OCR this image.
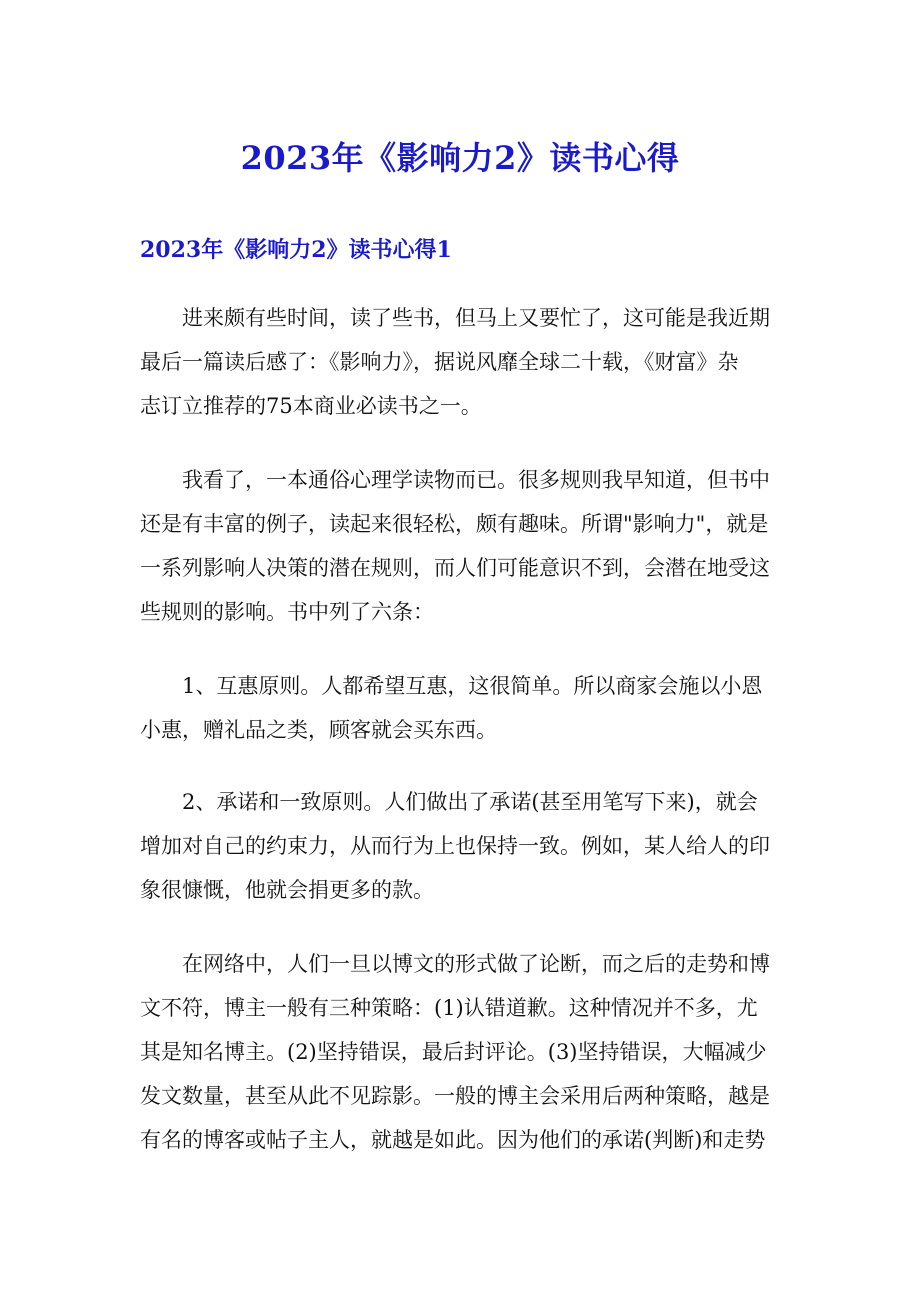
2023年《影响力2》读书心得
2023年《影响力2》读书心得1

进来颇有些时间，读了些书，但马上又要忙了，这可能是我近期
最后一篇读后感了：《影响力》，据说风靡全球二十载，《财富》杂
志订立推荐的75本商业必读书之一。

我看了，一本通俗心理学读物而已。很多规则我早知道，但书中
还是有丰富的例子，读起来很轻松，颇有趣味。所谓"影响力"，就是
一系列影响人决策的潜在规则，而人们可能意识不到，会潜在地受这
些规则的影响。书中列了六条：

1、互惠原则。人都希望互惠，这很简单。所以商家会施以小恩
小惠，赠礼品之类，顾客就会买东西。

2、承诺和一致原则。人们做出了承诺(甚至用笔写下来)，就会
增加对自己的约束力，从而行为上也保持一致。例如，某人给人的印
象很慷慨，他就会捐更多的款。

在网络中，人们一旦以博文的形式做了论断，而之后的走势和博
文不符，博主一般有三种策略：(1)认错道歉。这种情况并不多，尤
其是知名博主。(2)坚持错误，最后封评论。(3)坚持错误，大幅减少
发文数量，甚至从此不见踪影。一般的博主会采用后两种策略，越是
有名的博客或帖子主人，就越是如此。因为他们的承诺(判断)和走势
